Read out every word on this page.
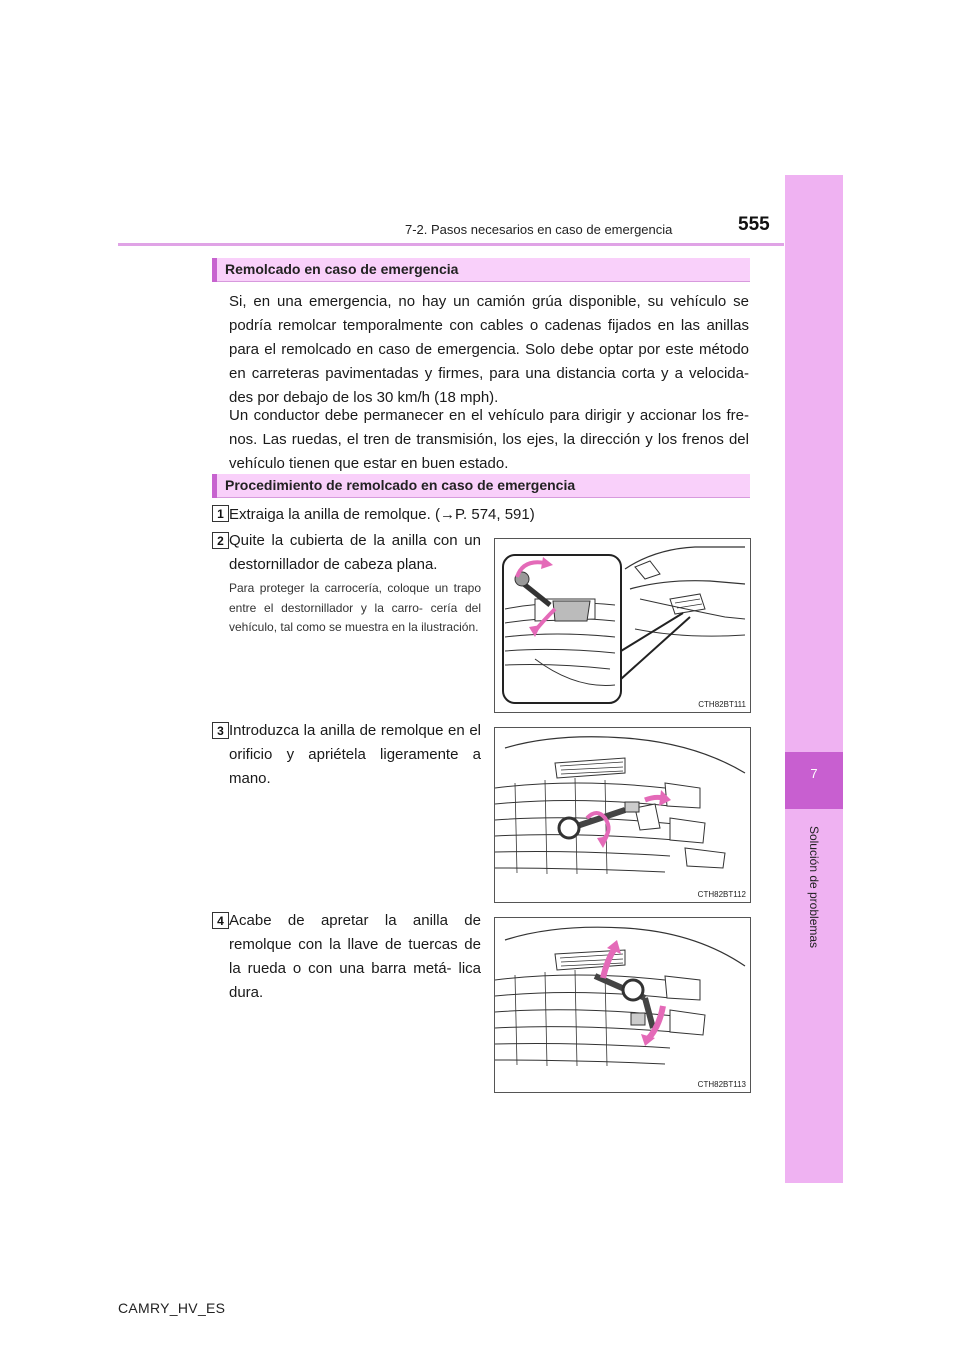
7
Solución de problemas
7-2. Pasos necesarios en caso de emergencia	555
Remolcado en caso de emergencia
Si, en una emergencia, no hay un camión grúa disponible, su vehículo se podría remolcar temporalmente con cables o cadenas fijados en las anillas para el remolcado en caso de emergencia. Solo debe optar por este método en carreteras pavimentadas y firmes, para una distancia corta y a velocida- des por debajo de los 30 km/h (18 mph).
Un conductor debe permanecer en el vehículo para dirigir y accionar los fre- nos. Las ruedas, el tren de transmisión, los ejes, la dirección y los frenos del vehículo tienen que estar en buen estado.
Procedimiento de remolcado en caso de emergencia
1 Extraiga la anilla de remolque. (→P. 574, 591)
2 Quite la cubierta de la anilla con un destornillador de cabeza plana.
Para proteger la carrocería, coloque un trapo entre el destornillador y la carro- cería del vehículo, tal como se muestra en la ilustración.
CTH82BT111
3 Introduzca la anilla de remolque en el orificio y apriétela ligeramente a mano.
CTH82BT112
4 Acabe de apretar la anilla de remolque con la llave de tuercas de la rueda o con una barra metá- lica dura.
CTH82BT113
CAMRY_HV_ES
